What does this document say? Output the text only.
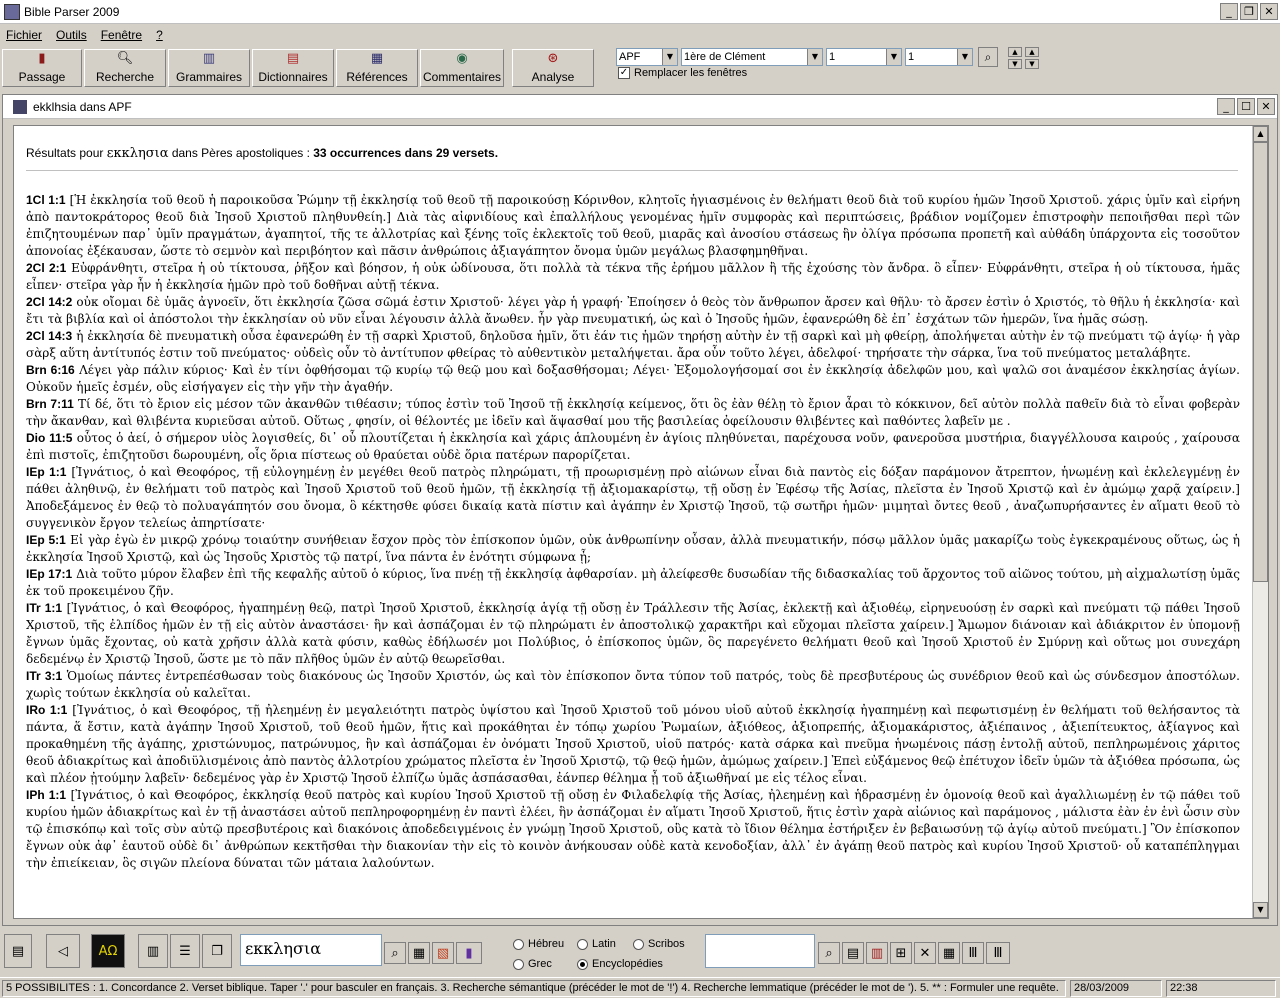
Bible Parser 2009	_	❐ ✕
Fichier Outils Fenêtre ?
▮
Passage
🔍︎
Recherche
▥
Grammaires
▤
Dictionnaires
▦
Références
◉
Commentaires
⊛
Analyse
APF	▼ 1ère de Clément	▼ 1	▼ 1	▼	⌕	▲
▼
▲
▼
✓ Remplacer les fenêtres
ekklhsia dans APF	_	☐ ✕
Résultats pour εκκλησια dans Pères apostoliques : 33 occurrences dans 29 versets.
1Cl 1:1 [Ἡ ἐκκλησία τοῦ θεοῦ ἡ παροικοῦσα Ῥώμην τῇ ἐκκλησίᾳ τοῦ θεοῦ τῇ παροικούσῃ Κόρινθον, κλητοῖς ἡγιασμένοις ἐν θελήματι θεοῦ διὰ τοῦ κυρίου ἡμῶν Ἰησοῦ Χριστοῦ. χάρις ὑμῖν καὶ εἰρήνη ἀπὸ παντοκράτορος θεοῦ διὰ Ἰησοῦ Χριστοῦ πληθυνθείη.] Διὰ τὰς αἰφνιδίους καὶ ἐπαλλήλους γενομένας ἡμῖν συμφορὰς καὶ περιπτώσεις, βράδιον νομίζομεν ἐπιστροφὴν πεποιῆσθαι περὶ τῶν ἐπιζητουμένων παρ᾽ ὑμῖν πραγμάτων, ἀγαπητοί, τῆς τε ἀλλοτρίας καὶ ξένης τοῖς ἐκλεκτοῖς τοῦ θεοῦ, μιαρᾶς καὶ ἀνοσίου στάσεως ἣν ὀλίγα πρόσωπα προπετῆ καὶ αὐθάδη ὑπάρχοντα εἰς τοσοῦτον ἀπονοίας ἐξέκαυσαν, ὥστε τὸ σεμνὸν καὶ περιβόητον καὶ πᾶσιν ἀνθρώποις ἀξιαγάπητον ὄνομα ὑμῶν μεγάλως βλασφημηθῆναι.
2Cl 2:1 Εὐφράνθητι, στεῖρα ἡ οὐ τίκτουσα, ῥῆξον καὶ βόησον, ἡ οὐκ ὠδίνουσα, ὅτι πολλὰ τὰ τέκνα τῆς ἐρήμου μᾶλλον ἢ τῆς ἐχούσης τὸν ἄνδρα. ὃ εἶπεν· Εὐφράνθητι, στεῖρα ἡ οὐ τίκτουσα, ἡμᾶς εἶπεν· στεῖρα γὰρ ἦν ἡ ἐκκλησία ἡμῶν πρὸ τοῦ δοθῆναι αὐτῇ τέκνα.
2Cl 14:2 οὐκ οἴομαι δὲ ὑμᾶς ἀγνοεῖν, ὅτι ἐκκλησία ζῶσα σῶμά ἐστιν Χριστοῦ· λέγει γὰρ ἡ γραφή· Ἐποίησεν ὁ θεὸς τὸν ἄνθρωπον ἄρσεν καὶ θῆλυ· τὸ ἄρσεν ἐστὶν ὁ Χριστός, τὸ θῆλυ ἡ ἐκκλησία· καὶ ἔτι τὰ βιβλία καὶ οἱ ἀπόστολοι τὴν ἐκκλησίαν οὐ νῦν εἶναι λέγουσιν ἀλλὰ ἄνωθεν. ἦν γὰρ πνευματική, ὡς καὶ ὁ Ἰησοῦς ἡμῶν, ἐφανερώθη δὲ ἐπ᾽ ἐσχάτων τῶν ἡμερῶν, ἵνα ἡμᾶς σώσῃ.
2Cl 14:3 ἡ ἐκκλησία δὲ πνευματικὴ οὖσα ἐφανερώθη ἐν τῇ σαρκὶ Χριστοῦ, δηλοῦσα ἡμῖν, ὅτι ἐάν τις ἡμῶν τηρήσῃ αὐτὴν ἐν τῇ σαρκὶ καὶ μὴ φθείρῃ, ἀπολήψεται αὐτὴν ἐν τῷ πνεύματι τῷ ἁγίῳ· ἡ γὰρ σὰρξ αὕτη ἀντίτυπός ἐστιν τοῦ πνεύματος· οὐδεὶς οὖν τὸ ἀντίτυπον φθείρας τὸ αὐθεντικὸν μεταλήψεται. ἄρα οὖν τοῦτο λέγει, ἀδελφοί· τηρήσατε τὴν σάρκα, ἵνα τοῦ πνεύματος μεταλάβητε.
Brn 6:16 Λέγει γὰρ πάλιν κύριος· Καὶ ἐν τίνι ὀφθήσομαι τῷ κυρίῳ τῷ θεῷ μου καὶ δοξασθήσομαι; Λέγει· Ἐξομολογήσομαί σοι ἐν ἐκκλησίᾳ ἀδελφῶν μου, καὶ ψαλῶ σοι ἀναμέσον ἐκκλησίας ἁγίων. Οὐκοῦν ἡμεῖς ἐσμέν, οὓς εἰσήγαγεν εἰς τὴν γῆν τὴν ἀγαθήν.
Brn 7:11 Τί δέ, ὅτι τὸ ἔριον εἰς μέσον τῶν ἀκανθῶν τιθέασιν; τύπος ἐστὶν τοῦ Ἰησοῦ τῇ ἐκκλησίᾳ κείμενος, ὅτι ὃς ἐὰν θέλῃ τὸ ἔριον ἆραι τὸ κόκκινον, δεῖ αὐτὸν πολλὰ παθεῖν διὰ τὸ εἶναι φοβερὰν τὴν ἄκανθαν, καὶ θλιβέντα κυριεῦσαι αὐτοῦ. Οὕτως , φησίν, οἱ θέλοντές με ἰδεῖν καὶ ἅψασθαί μου τῆς βασιλείας ὀφείλουσιν θλιβέντες καὶ παθόντες λαβεῖν με .
Dio 11:5 οὗτος ὁ ἀεί, ὁ σήμερον υἱὸς λογισθείς, δι᾽ οὗ πλουτίζεται ἡ ἐκκλησία καὶ χάρις ἁπλουμένη ἐν ἁγίοις πληθύνεται, παρέχουσα νοῦν, φανεροῦσα μυστήρια, διαγγέλλουσα καιρούς , χαίρουσα ἐπὶ πιστοῖς, ἐπιζητοῦσι δωρουμένη, οἷς ὅρια πίστεως οὐ θραύεται οὐδὲ ὅρια πατέρων παρορίζεται.
IEp 1:1 [Ἰγνάτιος, ὁ καὶ Θεοφόρος, τῇ εὐλογημένῃ ἐν μεγέθει θεοῦ πατρὸς πληρώματι, τῇ προωρισμένῃ πρὸ αἰώνων εἶναι διὰ παντὸς εἰς δόξαν παράμονον ἄτρεπτον, ἡνωμένῃ καὶ ἐκλελεγμένῃ ἐν πάθει ἀληθινῷ, ἐν θελήματι τοῦ πατρὸς καὶ Ἰησοῦ Χριστοῦ τοῦ θεοῦ ἡμῶν, τῇ ἐκκλησίᾳ τῇ ἀξιομακαρίστῳ, τῇ οὔσῃ ἐν Ἐφέσῳ τῆς Ἀσίας, πλεῖστα ἐν Ἰησοῦ Χριστῷ καὶ ἐν ἀμώμῳ χαρᾷ χαίρειν.] Ἀποδεξάμενος ἐν θεῷ τὸ πολυαγάπητόν σου ὄνομα, ὃ κέκτησθε φύσει δικαίᾳ κατὰ πίστιν καὶ ἀγάπην ἐν Χριστῷ Ἰησοῦ, τῷ σωτῆρι ἡμῶν· μιμηταὶ ὄντες θεοῦ , ἀναζωπυρήσαντες ἐν αἵματι θεοῦ τὸ συγγενικὸν ἔργον τελείως ἀπηρτίσατε·
IEp 5:1 Εἰ γὰρ ἐγὼ ἐν μικρῷ χρόνῳ τοιαύτην συνήθειαν ἔσχον πρὸς τὸν ἐπίσκοπον ὑμῶν, οὐκ ἀνθρωπίνην οὖσαν, ἀλλὰ πνευματικήν, πόσῳ μᾶλλον ὑμᾶς μακαρίζω τοὺς ἐγκεκραμένους οὕτως, ὡς ἡ ἐκκλησία Ἰησοῦ Χριστῷ, καὶ ὡς Ἰησοῦς Χριστὸς τῷ πατρί, ἵνα πάντα ἐν ἑνότητι σύμφωνα ᾖ;
IEp 17:1 Διὰ τοῦτο μύρον ἔλαβεν ἐπὶ τῆς κεφαλῆς αὐτοῦ ὁ κύριος, ἵνα πνέῃ τῇ ἐκκλησίᾳ ἀφθαρσίαν. μὴ ἀλείφεσθε δυσωδίαν τῆς διδασκαλίας τοῦ ἄρχοντος τοῦ αἰῶνος τούτου, μὴ αἰχμαλωτίσῃ ὑμᾶς ἐκ τοῦ προκειμένου ζῆν.
ITr 1:1 [Ἰγνάτιος, ὁ καὶ Θεοφόρος, ἠγαπημένῃ θεῷ, πατρὶ Ἰησοῦ Χριστοῦ, ἐκκλησίᾳ ἁγίᾳ τῇ οὔσῃ ἐν Τράλλεσιν τῆς Ἀσίας, ἐκλεκτῇ καὶ ἀξιοθέῳ, εἰρηνευούσῃ ἐν σαρκὶ καὶ πνεύματι τῷ πάθει Ἰησοῦ Χριστοῦ, τῆς ἐλπίδος ἡμῶν ἐν τῇ εἰς αὐτὸν ἀναστάσει· ἣν καὶ ἀσπάζομαι ἐν τῷ πληρώματι ἐν ἀποστολικῷ χαρακτῆρι καὶ εὔχομαι πλεῖστα χαίρειν.] Ἄμωμον διάνοιαν καὶ ἀδιάκριτον ἐν ὑπομονῇ ἔγνων ὑμᾶς ἔχοντας, οὐ κατὰ χρῆσιν ἀλλὰ κατὰ φύσιν, καθὼς ἐδήλωσέν μοι Πολύβιος, ὁ ἐπίσκοπος ὑμῶν, ὃς παρεγένετο θελήματι θεοῦ καὶ Ἰησοῦ Χριστοῦ ἐν Σμύρνῃ καὶ οὕτως μοι συνεχάρη δεδεμένῳ ἐν Χριστῷ Ἰησοῦ, ὥστε με τὸ πᾶν πλῆθος ὑμῶν ἐν αὐτῷ θεωρεῖσθαι.
ITr 3:1 Ὁμοίως πάντες ἐντρεπέσθωσαν τοὺς διακόνους ὡς Ἰησοῦν Χριστόν, ὡς καὶ τὸν ἐπίσκοπον ὄντα τύπον τοῦ πατρός, τοὺς δὲ πρεσβυτέρους ὡς συνέδριον θεοῦ καὶ ὡς σύνδεσμον ἀποστόλων. χωρὶς τούτων ἐκκλησία οὐ καλεῖται.
IRo 1:1 [Ἰγνάτιος, ὁ καὶ Θεοφόρος, τῇ ἠλεημένῃ ἐν μεγαλειότητι πατρὸς ὑψίστου καὶ Ἰησοῦ Χριστοῦ τοῦ μόνου υἱοῦ αὐτοῦ ἐκκλησίᾳ ἠγαπημένῃ καὶ πεφωτισμένῃ ἐν θελήματι τοῦ θελήσαντος τὰ πάντα, ἅ ἔστιν, κατὰ ἀγάπην Ἰησοῦ Χριστοῦ, τοῦ θεοῦ ἡμῶν, ἥτις καὶ προκάθηται ἐν τόπῳ χωρίου Ῥωμαίων, ἀξιόθεος, ἀξιοπρεπής, ἀξιομακάριστος, ἀξιέπαινος , ἀξιεπίτευκτος, ἀξίαγνος καὶ προκαθημένη τῆς ἀγάπης, χριστώνυμος, πατρώνυμος, ἣν καὶ ἀσπάζομαι ἐν ὀνόματι Ἰησοῦ Χριστοῦ, υἱοῦ πατρός· κατὰ σάρκα καὶ πνεῦμα ἡνωμένοις πάσῃ ἐντολῇ αὐτοῦ, πεπληρωμένοις χάριτος θεοῦ ἀδιακρίτως καὶ ἀποδιϋλισμένοις ἀπὸ παντὸς ἀλλοτρίου χρώματος πλεῖστα ἐν Ἰησοῦ Χριστῷ, τῷ θεῷ ἡμῶν, ἀμώμως χαίρειν.] Ἐπεὶ εὐξάμενος θεῷ ἐπέτυχον ἰδεῖν ὑμῶν τὰ ἀξιόθεα πρόσωπα, ὡς καὶ πλέον ᾐτούμην λαβεῖν· δεδεμένος γὰρ ἐν Χριστῷ Ἰησοῦ ἐλπίζω ὑμᾶς ἀσπάσασθαι, ἐάνπερ θέλημα ᾖ τοῦ ἀξιωθῆναί με εἰς τέλος εἶναι.
IPh 1:1 [Ἰγνάτιος, ὁ καὶ Θεοφόρος, ἐκκλησίᾳ θεοῦ πατρὸς καὶ κυρίου Ἰησοῦ Χριστοῦ τῇ οὔσῃ ἐν Φιλαδελφίᾳ τῆς Ἀσίας, ἠλεημένῃ καὶ ἡδρασμένῃ ἐν ὁμονοίᾳ θεοῦ καὶ ἀγαλλιωμένῃ ἐν τῷ πάθει τοῦ κυρίου ἡμῶν ἀδιακρίτως καὶ ἐν τῇ ἀναστάσει αὐτοῦ πεπληροφορημένῃ ἐν παντὶ ἐλέει, ἣν ἀσπάζομαι ἐν αἵματι Ἰησοῦ Χριστοῦ, ἥτις ἐστὶν χαρὰ αἰώνιος καὶ παράμονος , μάλιστα ἐὰν ἐν ἑνὶ ὦσιν σὺν τῷ ἐπισκόπῳ καὶ τοῖς σὺν αὐτῷ πρεσβυτέροις καὶ διακόνοις ἀποδεδειγμένοις ἐν γνώμῃ Ἰησοῦ Χριστοῦ, οὓς κατὰ τὸ ἴδιον θέλημα ἐστήριξεν ἐν βεβαιωσύνῃ τῷ ἁγίῳ αὐτοῦ πνεύματι.] Ὃν ἐπίσκοπον ἔγνων οὐκ ἀφ᾽ ἑαυτοῦ οὐδὲ δι᾽ ἀνθρώπων κεκτῆσθαι τὴν διακονίαν τὴν εἰς τὸ κοινὸν ἀνήκουσαν οὐδὲ κατὰ κενοδοξίαν, ἀλλ᾽ ἐν ἀγάπῃ θεοῦ πατρὸς καὶ κυρίου Ἰησοῦ Χριστοῦ· οὗ καταπέπληγμαι τὴν ἐπιείκειαν, ὃς σιγῶν πλείονα δύναται τῶν μάταια λαλούντων.
▲
▼
▤	◁	ΑΩ	▥	☰	❐	εκκλησια	⌕	▦ ▧	▮
Hébreu	Latin	Scribos
Grec	Encyclopédies
⌕	▤ ▥ ⊞	✕ ▦	Ⅲ	Ⅲ
5 POSSIBILITES : 1. Concordance 2. Verset biblique. Taper '.' pour basculer en français. 3. Recherche sémantique (précéder le mot de '!') 4. Recherche lemmatique (précéder le mot de '). 5. ** : Formuler une requête.	28/03/2009	22:38
